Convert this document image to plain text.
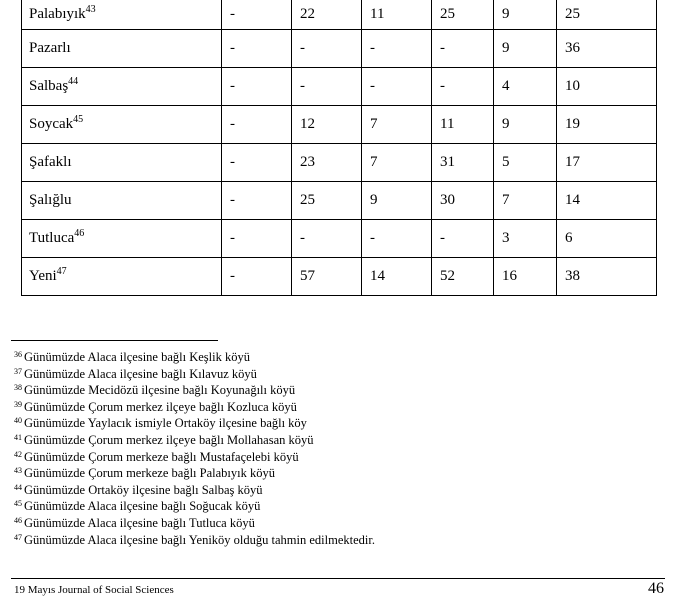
Palabıyık$^{43}$	-	22	11	25	9	25
Pazarlı	-	-	-	-	9	36
Salbaş$^{44}$	-	-	-	-	4	10
Soycak$^{45}$	-	12	7	11	9	19
Şafaklı	-	23	7	31	5	17
Şalığlu	-	25	9	30	7	14
Tutluca$^{46}$	-	-	-	-	3	6
Yeni$^{47}$	-	57	14	52	16	38
$^{36}$ Günümüzde Alaca ilçesine bağlı Keşlik köyü
$^{37}$ Günümüzde Alaca ilçesine bağlı Kılavuz köyü
$^{38}$ Günümüzde Mecidözü ilçesine bağlı Koyunağılı köyü
$^{39}$ Günümüzde Çorum merkez ilçeye bağlı Kozluca köyü
$^{40}$ Günümüzde Yaylacık ismiyle Ortaköy ilçesine bağlı köy
$^{41}$ Günümüzde Çorum merkez ilçeye bağlı Mollahasan köyü
$^{42}$ Günümüzde Çorum merkeze bağlı Mustafaçelebi köyü
$^{43}$ Günümüzde Çorum merkeze bağlı Palabıyık köyü
$^{44}$ Günümüzde Ortaköy ilçesine bağlı Salbaş köyü
$^{45}$ Günümüzde Alaca ilçesine bağlı Soğucak köyü
$^{46}$ Günümüzde Alaca ilçesine bağlı Tutluca köyü
$^{47}$ Günümüzde Alaca ilçesine bağlı Yeniköy olduğu tahmin edilmektedir.
19 Mayıs Journal of Social Sciences	46
